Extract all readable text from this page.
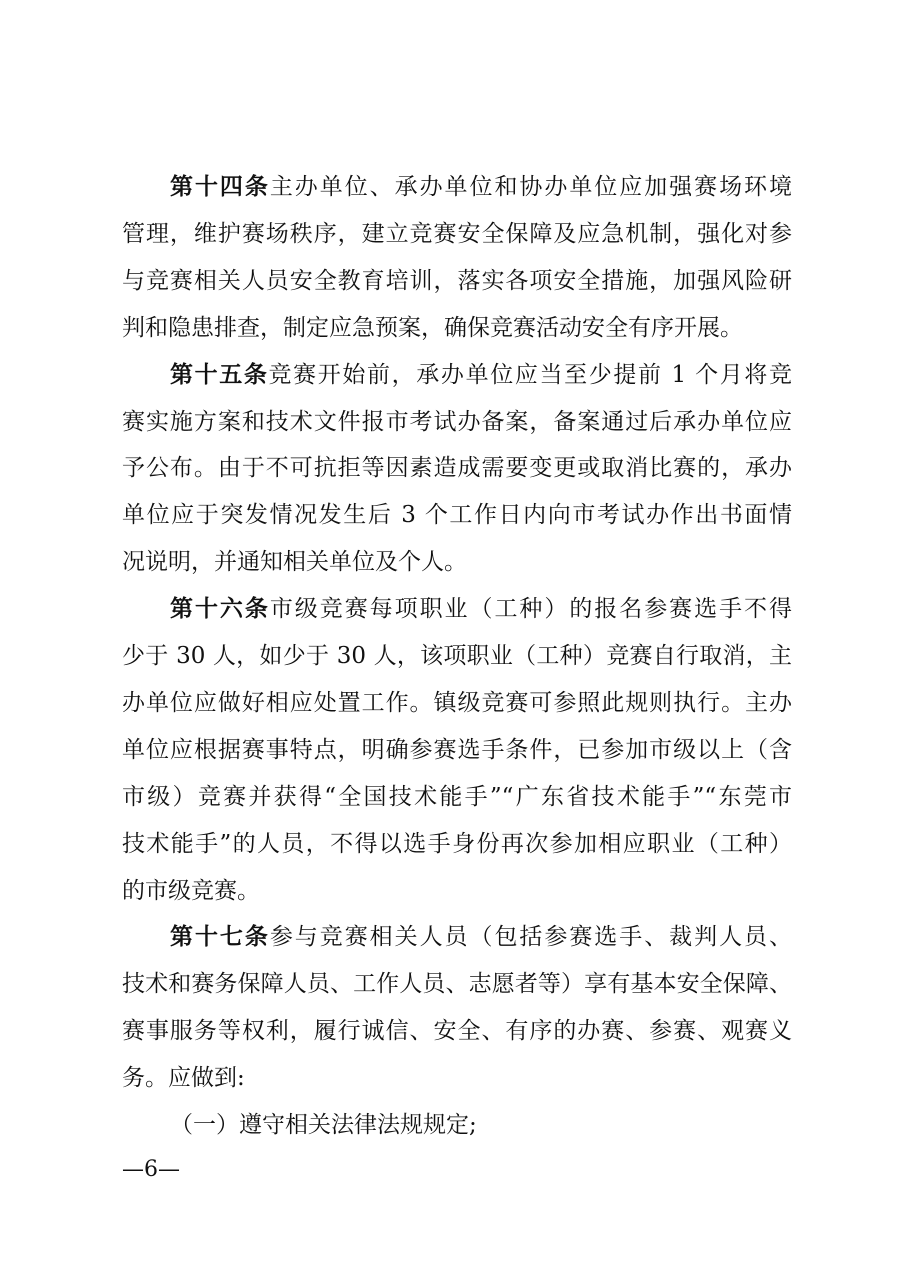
第十四条主办单位、承办单位和协办单位应加强赛场环境
管理，维护赛场秩序，建立竞赛安全保障及应急机制，强化对参
与竞赛相关人员安全教育培训，落实各项安全措施，加强风险研
判和隐患排查，制定应急预案，确保竞赛活动安全有序开展。
第十五条竞赛开始前，承办单位应当至少提前 1 个月将竞
赛实施方案和技术文件报市考试办备案，备案通过后承办单位应
予公布。由于不可抗拒等因素造成需要变更或取消比赛的，承办
单位应于突发情况发生后 3 个工作日内向市考试办作出书面情
况说明，并通知相关单位及个人。
第十六条市级竞赛每项职业（工种）的报名参赛选手不得
少于 30 人，如少于 30 人，该项职业（工种）竞赛自行取消，主
办单位应做好相应处置工作。镇级竞赛可参照此规则执行。主办
单位应根据赛事特点，明确参赛选手条件，已参加市级以上（含
市级）竞赛并获得“全国技术能手”“广东省技术能手”“东莞市
技术能手”的人员，不得以选手身份再次参加相应职业（工种）
的市级竞赛。
第十七条参与竞赛相关人员（包括参赛选手、裁判人员、
技术和赛务保障人员、工作人员、志愿者等）享有基本安全保障、
赛事服务等权利，履行诚信、安全、有序的办赛、参赛、观赛义
务。应做到:
（一）遵守相关法律法规规定;
—6—
